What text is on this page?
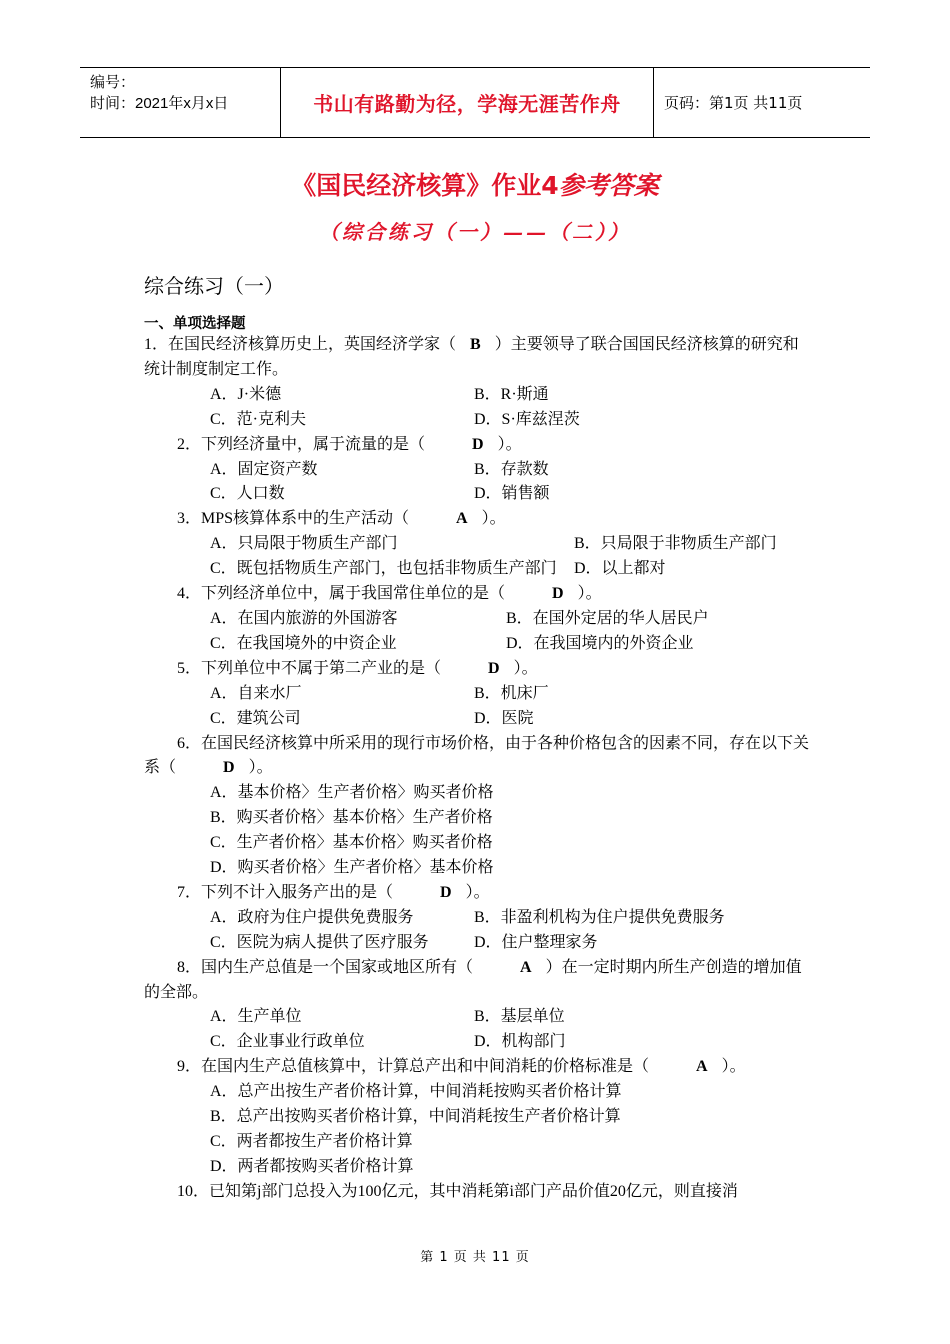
编号：
时间：2021年x月x日	书山有路勤为径，学海无涯苦作舟	页码：第1页 共11页
《国民经济核算》作业4参考答案
（综合练习（一）——（二））
综合练习（一）
一、单项选择题

1．在国民经济核算历史上，英国经济学家（ B ）主要领导了联合国国民经济核算的研究和统计制度制定工作。

A．J·米德	B．R·斯通
C．范·克利夫	D．S·库兹涅茨

2．下列经济量中，属于流量的是（	D ）。

A．固定资产数	B．存款数
C．人口数	D．销售额

3．MPS核算体系中的生产活动（	A ）。

A．只局限于物质生产部门	B．只局限于非物质生产部门
C．既包括物质生产部门，也包括非物质生产部门	D．以上都对

4．下列经济单位中，属于我国常住单位的是（	D ）。

A．在国内旅游的外国游客	B．在国外定居的华人居民户
C．在我国境外的中资企业	D．在我国境内的外资企业

5．下列单位中不属于第二产业的是（	D ）。

A．自来水厂	B．机床厂
C．建筑公司	D．医院

6．在国民经济核算中所采用的现行市场价格，由于各种价格包含的因素不同，存在以下关系（	D ）。

A．基本价格〉生产者价格〉购买者价格
B．购买者价格〉基本价格〉生产者价格
C．生产者价格〉基本价格〉购买者价格
D．购买者价格〉生产者价格〉基本价格

7．下列不计入服务产出的是（	D ）。

A．政府为住户提供免费服务	B．非盈利机构为住户提供免费服务
C．医院为病人提供了医疗服务	D．住户整理家务

8．国内生产总值是一个国家或地区所有（	A ）在一定时期内所生产创造的增加值的全部。

A．生产单位	B．基层单位
C．企业事业行政单位	D．机构部门

9．在国内生产总值核算中，计算总产出和中间消耗的价格标准是（	A ）。

A．总产出按生产者价格计算，中间消耗按购买者价格计算
B．总产出按购买者价格计算，中间消耗按生产者价格计算
C．两者都按生产者价格计算
D．两者都按购买者价格计算

10．已知第j部门总投入为100亿元，其中消耗第i部门产品价值20亿元，则直接消

第 1 页 共 11 页
